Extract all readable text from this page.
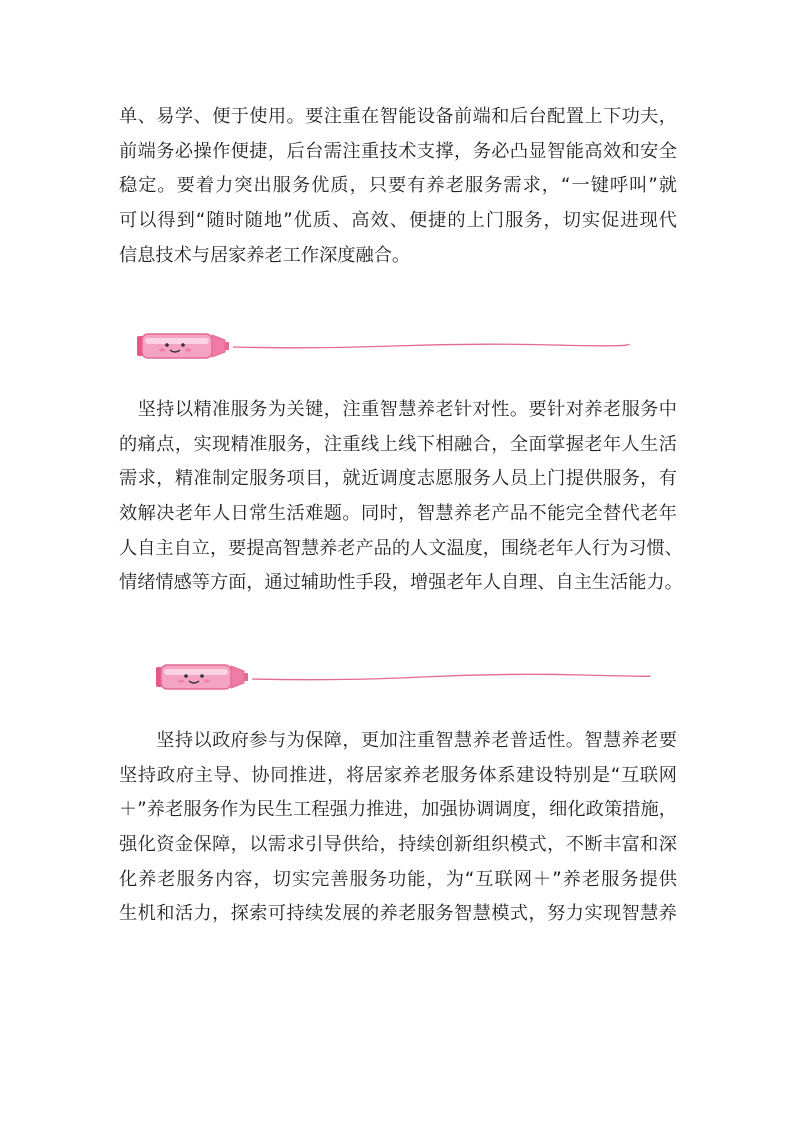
单、易学、便于使用。要注重在智能设备前端和后台配置上下功夫，
前端务必操作便捷，后台需注重技术支撑，务必凸显智能高效和安全
稳定。要着力突出服务优质，只要有养老服务需求，“一键呼叫”就
可以得到“随时随地”优质、高效、便捷的上门服务，切实促进现代
信息技术与居家养老工作深度融合。
　坚持以精准服务为关键，注重智慧养老针对性。要针对养老服务中
的痛点，实现精准服务，注重线上线下相融合，全面掌握老年人生活
需求，精准制定服务项目，就近调度志愿服务人员上门提供服务，有
效解决老年人日常生活难题。同时，智慧养老产品不能完全替代老年
人自主自立，要提高智慧养老产品的人文温度，围绕老年人行为习惯、
情绪情感等方面，通过辅助性手段，增强老年人自理、自主生活能力。
　　坚持以政府参与为保障，更加注重智慧养老普适性。智慧养老要
坚持政府主导、协同推进，将居家养老服务体系建设特别是“互联网
＋”养老服务作为民生工程强力推进，加强协调调度，细化政策措施，
强化资金保障，以需求引导供给，持续创新组织模式，不断丰富和深
化养老服务内容，切实完善服务功能，为“互联网＋”养老服务提供
生机和活力，探索可持续发展的养老服务智慧模式，努力实现智慧养
